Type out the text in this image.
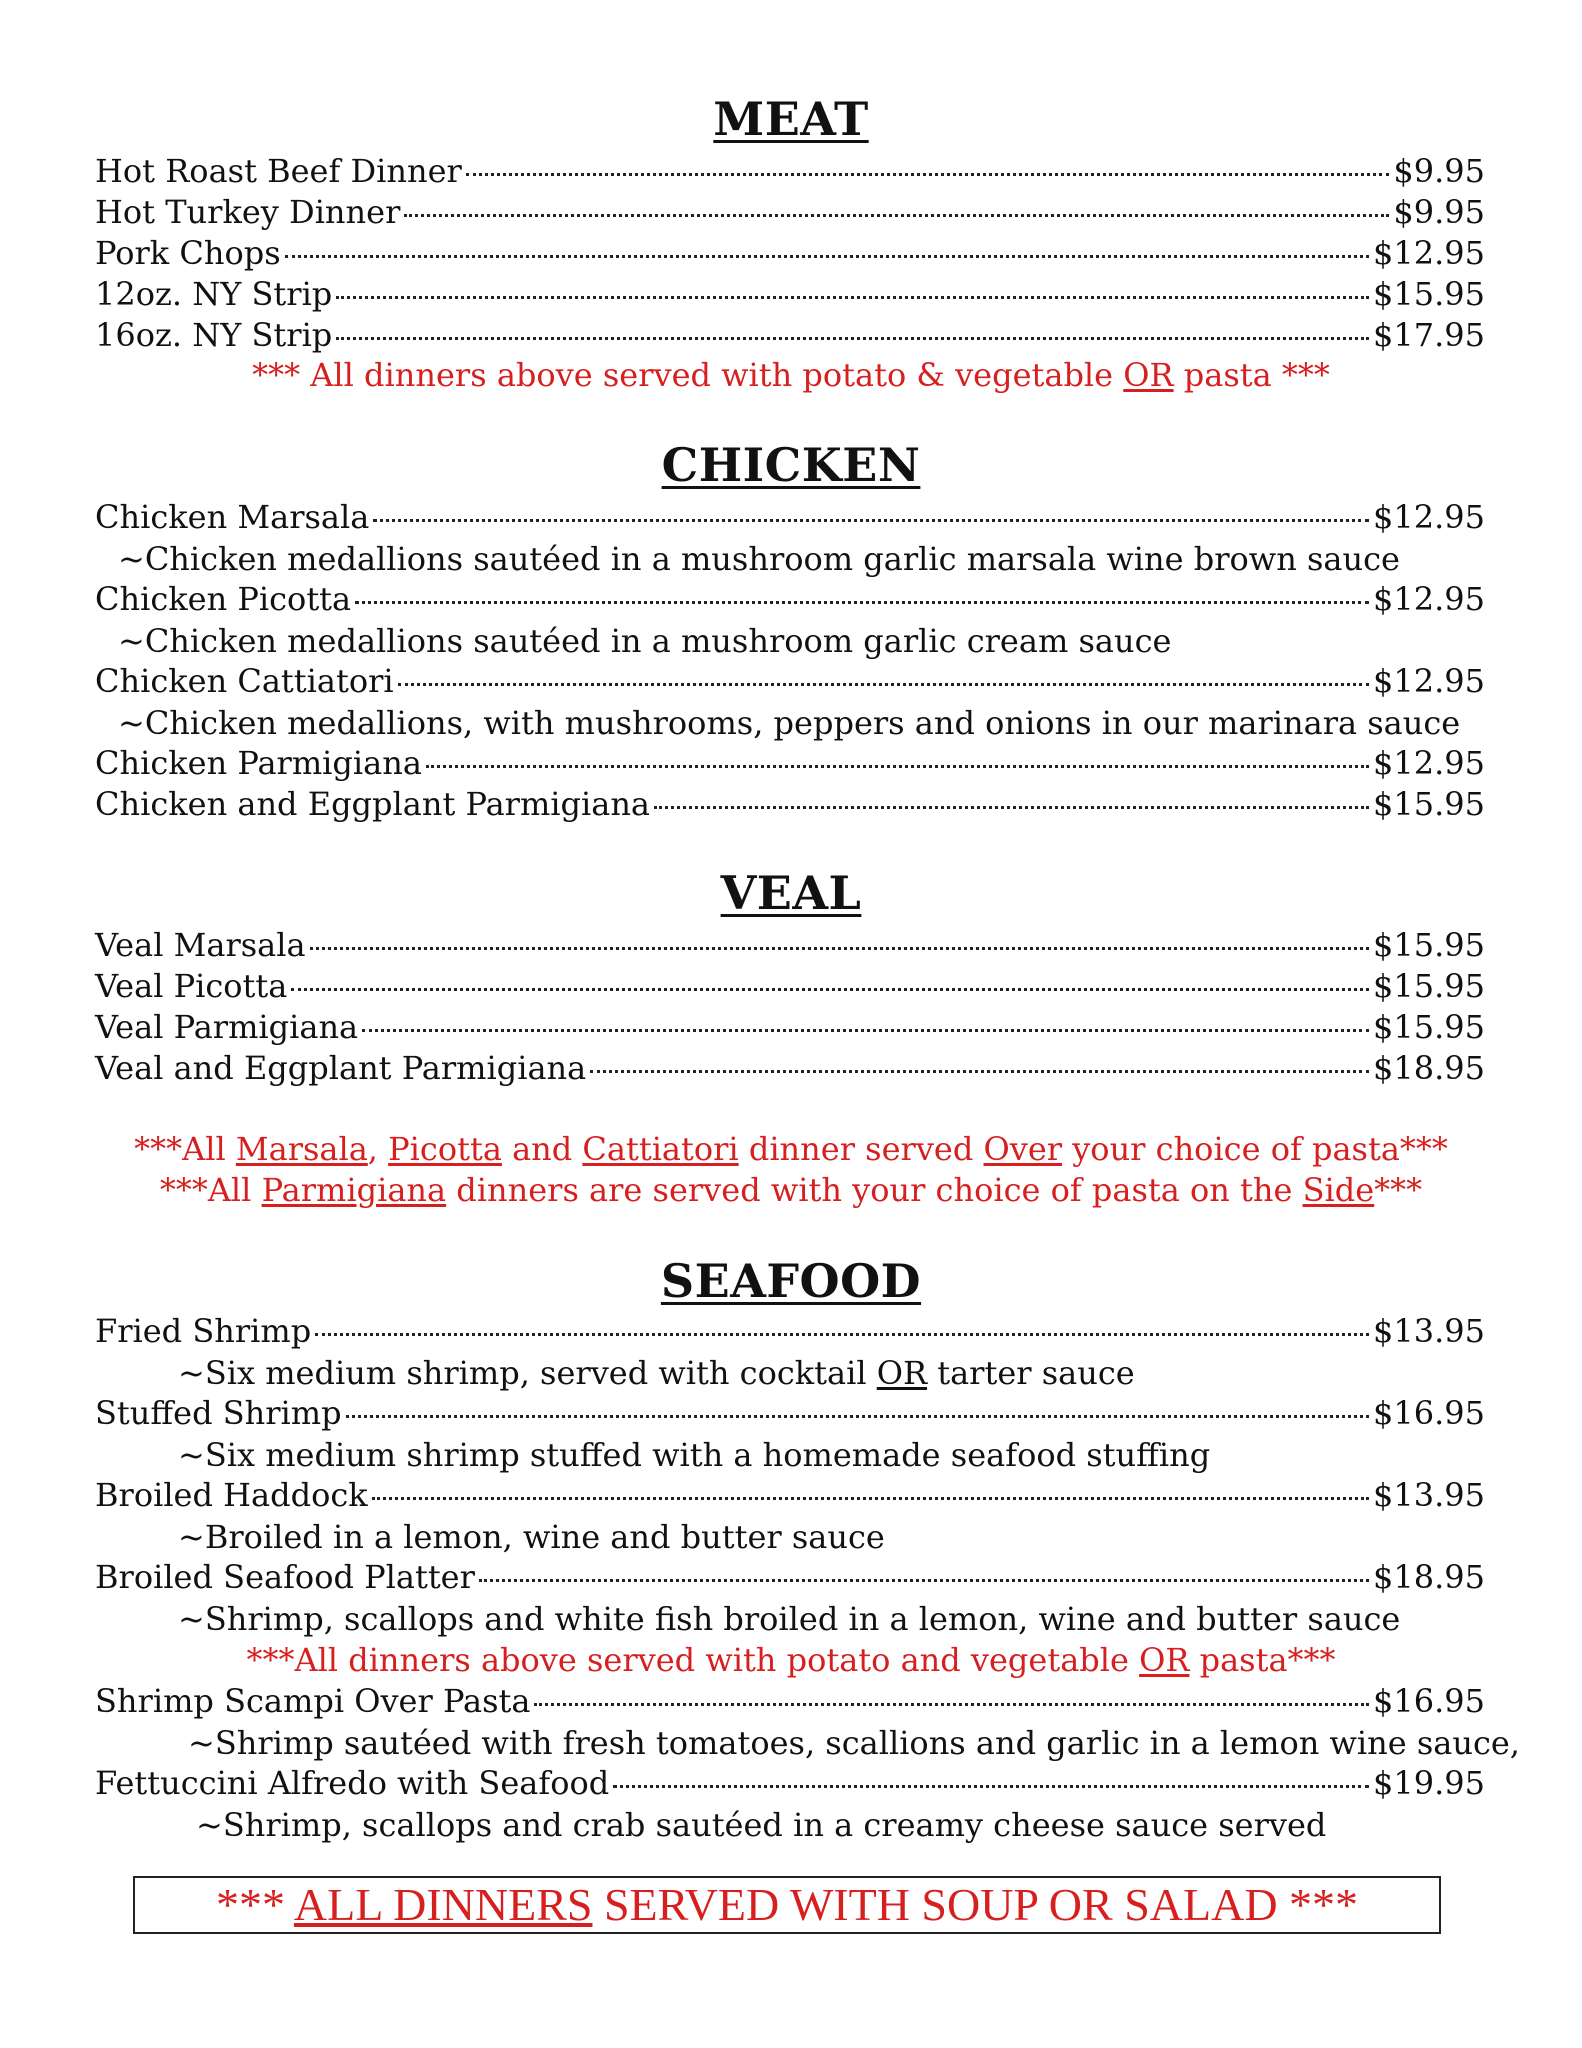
MEAT
Hot Roast Beef Dinner	$9.95
Hot Turkey Dinner	$9.95
Pork Chops	$12.95
12oz. NY Strip	$15.95
16oz. NY Strip	$17.95
*** All dinners above served with potato & vegetable OR pasta ***
CHICKEN
Chicken Marsala	$12.95
~Chicken medallions sautéed in a mushroom garlic marsala wine brown sauce
Chicken Picotta	$12.95
~Chicken medallions sautéed in a mushroom garlic cream sauce
Chicken Cattiatori	$12.95
~Chicken medallions, with mushrooms, peppers and onions in our marinara sauce
Chicken Parmigiana	$12.95
Chicken and Eggplant Parmigiana	$15.95
VEAL
Veal Marsala	$15.95
Veal Picotta	$15.95
Veal Parmigiana	$15.95
Veal and Eggplant Parmigiana	$18.95
***All Marsala, Picotta and Cattiatori dinner served Over your choice of pasta***
***All Parmigiana dinners are served with your choice of pasta on the Side***
SEAFOOD
Fried Shrimp	$13.95
~Six medium shrimp, served with cocktail OR tarter sauce
Stuffed Shrimp	$16.95
~Six medium shrimp stuffed with a homemade seafood stuffing
Broiled Haddock	$13.95
~Broiled in a lemon, wine and butter sauce
Broiled Seafood Platter	$18.95
~Shrimp, scallops and white fish broiled in a lemon, wine and butter sauce
***All dinners above served with potato and vegetable OR pasta***
Shrimp Scampi Over Pasta	$16.95
~Shrimp sautéed with fresh tomatoes, scallions and garlic in a lemon wine sauce,
Fettuccini Alfredo with Seafood	$19.95
~Shrimp, scallops and crab sautéed in a creamy cheese sauce served
*** ALL DINNERS SERVED WITH SOUP OR SALAD ***
